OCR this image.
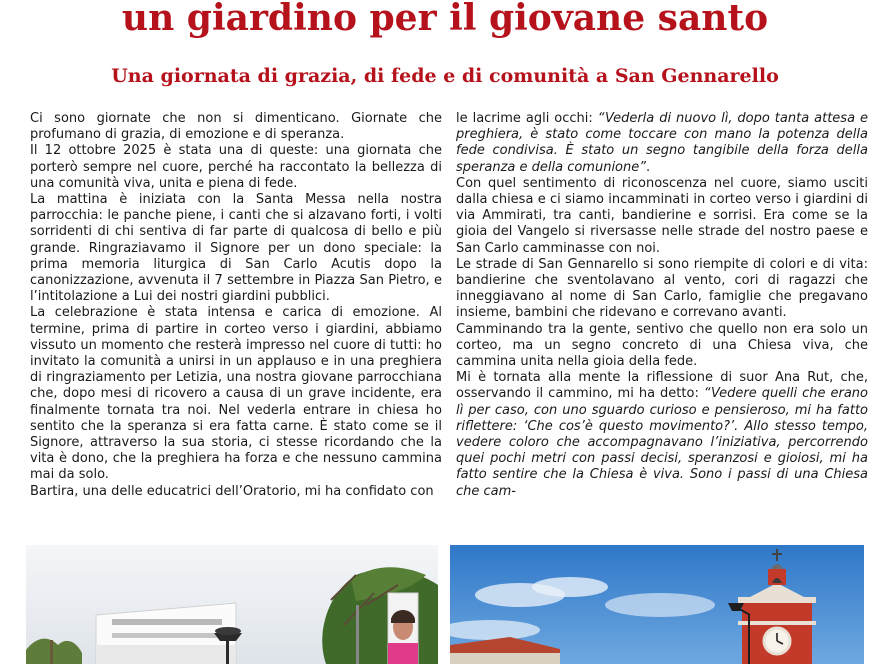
un giardino per il giovane santo
Una giornata di grazia, di fede e di comunità a San Gennarello

Ci sono giornate che non si dimenticano. Giornate che profumano di grazia, di emozione e di speranza.

Il 12 ottobre 2025 è stata una di queste: una giornata che porterò sempre nel cuore, perché ha raccontato la bellezza di una comunità viva, unita e piena di fede.

La mattina è iniziata con la Santa Messa nella nostra parrocchia: le panche piene, i canti che si alzavano forti, i volti sorridenti di chi sentiva di far parte di qualcosa di bello e più grande. Ringraziavamo il Signore per un dono speciale: la prima memoria liturgica di San Carlo Acutis dopo la canonizzazione, avvenuta il 7 settembre in Piazza San Pietro, e l’intitolazione a Lui dei nostri giardini pubblici.

La celebrazione è stata intensa e carica di emozione. Al termine, prima di partire in corteo verso i giardini, abbiamo vissuto un momento che resterà impresso nel cuore di tutti: ho invitato la comunità a unirsi in un applauso e in una preghiera di ringraziamento per Letizia, una nostra giovane parrocchiana che, dopo mesi di ricovero a causa di un grave incidente, era finalmente tornata tra noi. Nel vederla entrare in chiesa ho sentito che la speranza si era fatta carne. È stato come se il Signore, attraverso la sua storia, ci stesse ricordando che la vita è dono, che la preghiera ha forza e che nessuno cammina mai da solo.

Bartira, una delle educatrici dell’Oratorio, mi ha confidato con

le lacrime agli occhi: “Vederla di nuovo lì, dopo tanta attesa e preghiera, è stato come toccare con mano la potenza della fede condivisa. È stato un segno tangibile della forza della speranza e della comunione”.

Con quel sentimento di riconoscenza nel cuore, siamo usciti dalla chiesa e ci siamo incamminati in corteo verso i giardini di via Ammirati, tra canti, bandierine e sorrisi. Era come se la gioia del Vangelo si riversasse nelle strade del nostro paese e San Carlo camminasse con noi.

Le strade di San Gennarello si sono riempite di colori e di vita: bandierine che sventolavano al vento, cori di ragazzi che inneggiavano al nome di San Carlo, famiglie che pregavano insieme, bambini che ridevano e correvano avanti.

Camminando tra la gente, sentivo che quello non era solo un corteo, ma un segno concreto di una Chiesa viva, che cammina unita nella gioia della fede.

Mi è tornata alla mente la riflessione di suor Ana Rut, che, osservando il cammino, mi ha detto: “Vedere quelli che erano lì per caso, con uno sguardo curioso e pensieroso, mi ha fatto riflettere: ‘Che cos’è questo movimento?’. Allo stesso tempo, vedere coloro che accompagnavano l’iniziativa, percorrendo quei pochi metri con passi decisi, speranzosi e gioiosi, mi ha fatto sentire che la Chiesa è viva. Sono i passi di una Chiesa che cam-
